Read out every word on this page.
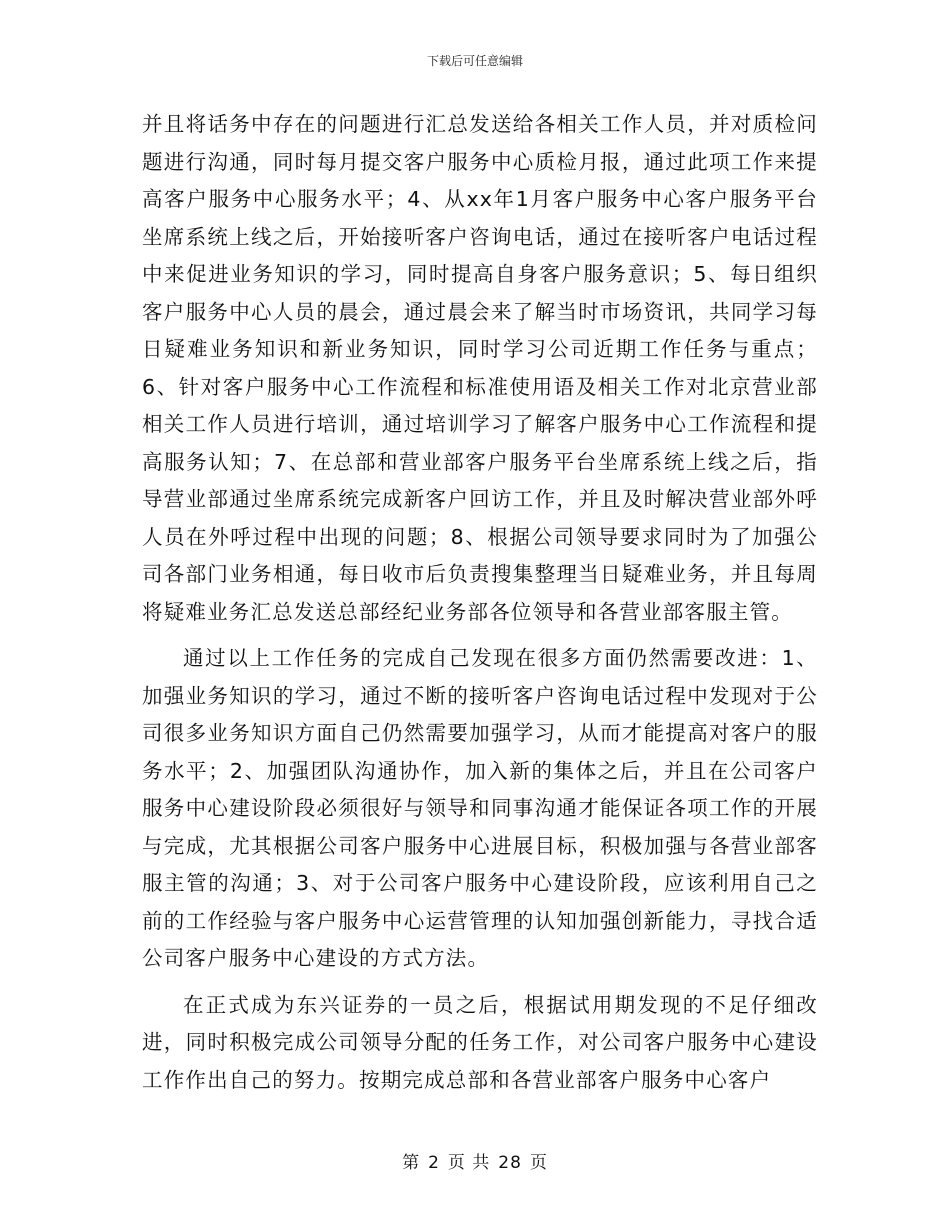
下载后可任意编辑

并且将话务中存在的问题进行汇总发送给各相关工作人员，并对质检问题进行沟通，同时每月提交客户服务中心质检月报，通过此项工作来提高客户服务中心服务水平；4、从xx年1月客户服务中心客户服务平台坐席系统上线之后，开始接听客户咨询电话，通过在接听客户电话过程中来促进业务知识的学习，同时提高自身客户服务意识；5、每日组织客户服务中心人员的晨会，通过晨会来了解当时市场资讯，共同学习每日疑难业务知识和新业务知识，同时学习公司近期工作任务与重点；6、针对客户服务中心工作流程和标准使用语及相关工作对北京营业部相关工作人员进行培训，通过培训学习了解客户服务中心工作流程和提高服务认知；7、在总部和营业部客户服务平台坐席系统上线之后，指导营业部通过坐席系统完成新客户回访工作，并且及时解决营业部外呼人员在外呼过程中出现的问题；8、根据公司领导要求同时为了加强公司各部门业务相通，每日收市后负责搜集整理当日疑难业务，并且每周将疑难业务汇总发送总部经纪业务部各位领导和各营业部客服主管。

通过以上工作任务的完成自己发现在很多方面仍然需要改进：1、加强业务知识的学习，通过不断的接听客户咨询电话过程中发现对于公司很多业务知识方面自己仍然需要加强学习，从而才能提高对客户的服务水平；2、加强团队沟通协作，加入新的集体之后，并且在公司客户服务中心建设阶段必须很好与领导和同事沟通才能保证各项工作的开展与完成，尤其根据公司客户服务中心进展目标，积极加强与各营业部客服主管的沟通；3、对于公司客户服务中心建设阶段，应该利用自己之前的工作经验与客户服务中心运营管理的认知加强创新能力，寻找合适公司客户服务中心建设的方式方法。

在正式成为东兴证券的一员之后，根据试用期发现的不足仔细改进，同时积极完成公司领导分配的任务工作，对公司客户服务中心建设工作作出自己的努力。按期完成总部和各营业部客户服务中心客户

第 2 页 共 28 页
